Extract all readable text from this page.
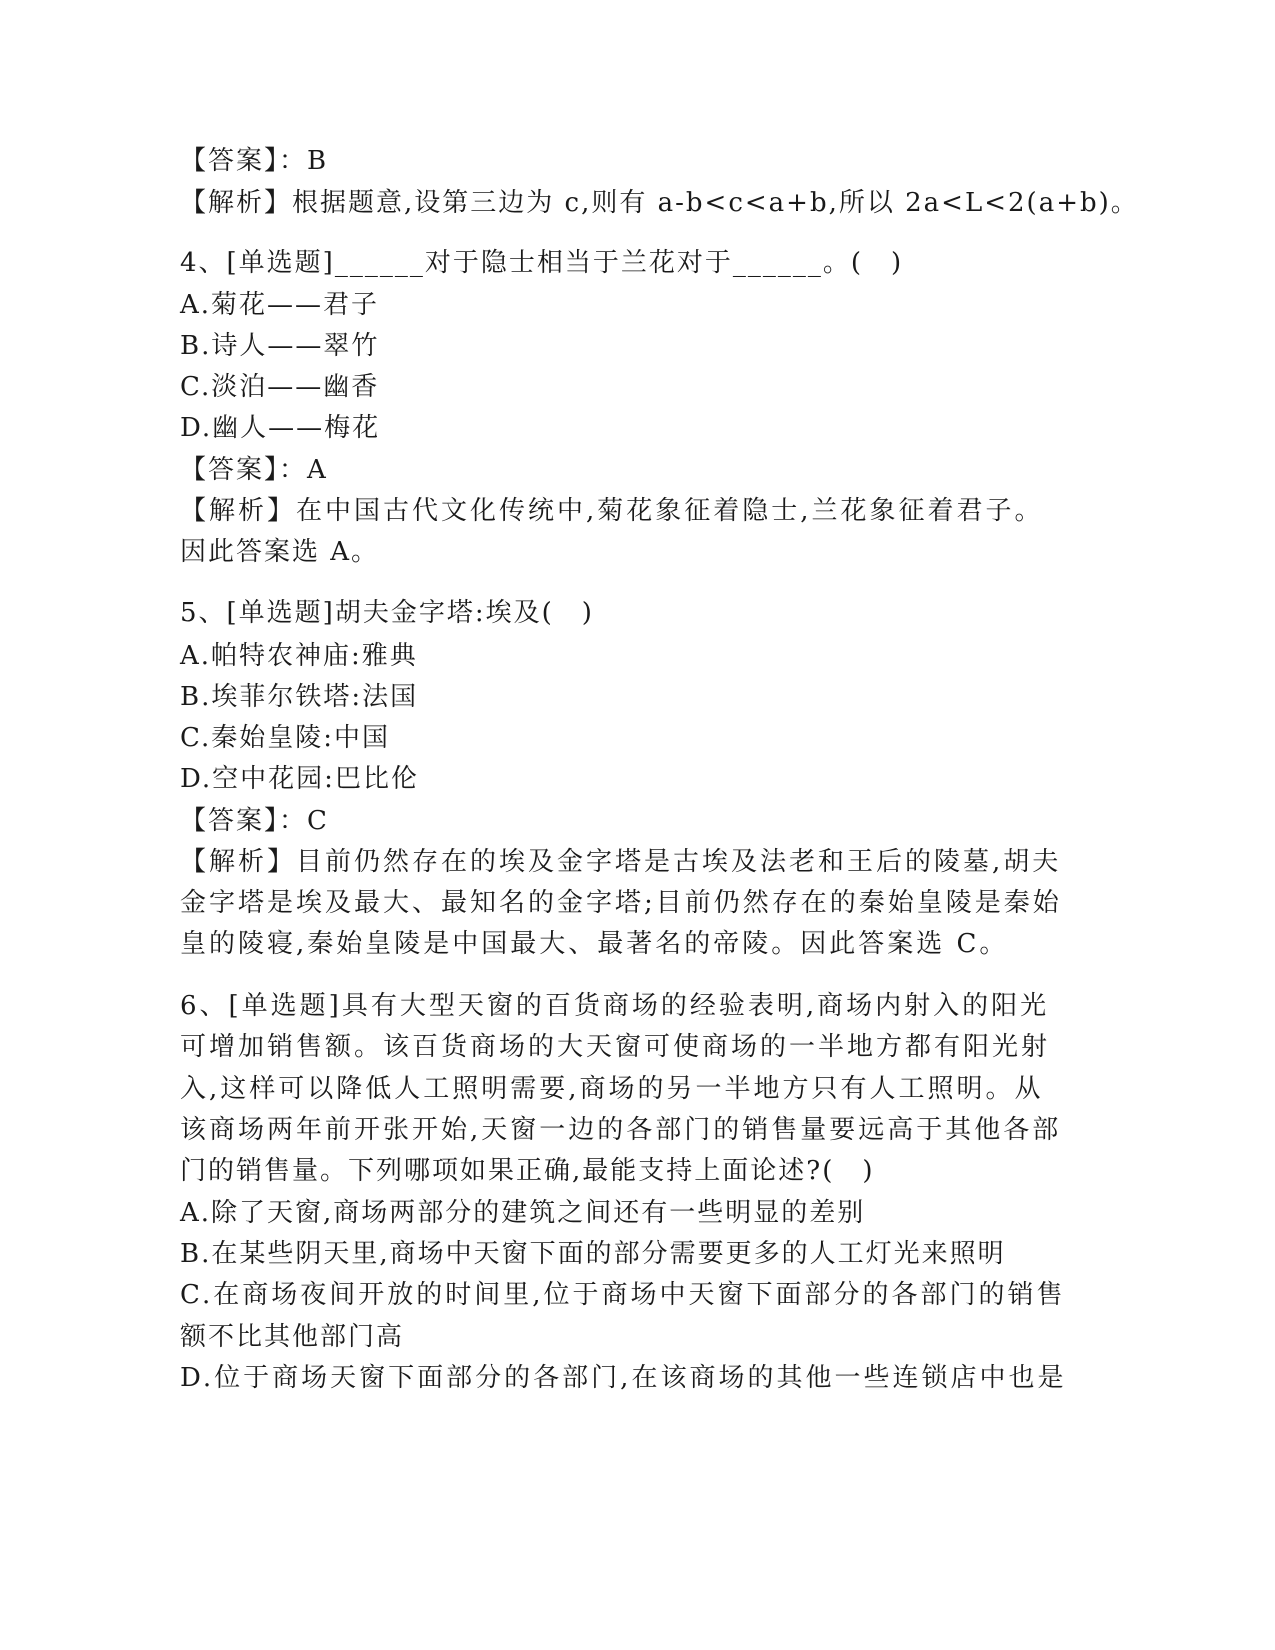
【答案】：B
【解析】根据题意,设第三边为 c,则有 a-b<c<a+b,所以 2a<L<2(a+b)。
4、[单选题]______对于隐士相当于兰花对于______。(　)
A.菊花——君子
B.诗人——翠竹
C.淡泊——幽香
D.幽人——梅花
【答案】：A
【解析】在中国古代文化传统中,菊花象征着隐士,兰花象征着君子。
因此答案选 A。
5、[单选题]胡夫金字塔:埃及(　)
A.帕特农神庙:雅典
B.埃菲尔铁塔:法国
C.秦始皇陵:中国
D.空中花园:巴比伦
【答案】：C
【解析】目前仍然存在的埃及金字塔是古埃及法老和王后的陵墓,胡夫
金字塔是埃及最大、最知名的金字塔;目前仍然存在的秦始皇陵是秦始
皇的陵寝,秦始皇陵是中国最大、最著名的帝陵。因此答案选 C。
6、[单选题]具有大型天窗的百货商场的经验表明,商场内射入的阳光
可增加销售额。该百货商场的大天窗可使商场的一半地方都有阳光射
入,这样可以降低人工照明需要,商场的另一半地方只有人工照明。从
该商场两年前开张开始,天窗一边的各部门的销售量要远高于其他各部
门的销售量。下列哪项如果正确,最能支持上面论述?(　)
A.除了天窗,商场两部分的建筑之间还有一些明显的差别
B.在某些阴天里,商场中天窗下面的部分需要更多的人工灯光来照明
C.在商场夜间开放的时间里,位于商场中天窗下面部分的各部门的销售
额不比其他部门高
D.位于商场天窗下面部分的各部门,在该商场的其他一些连锁店中也是
